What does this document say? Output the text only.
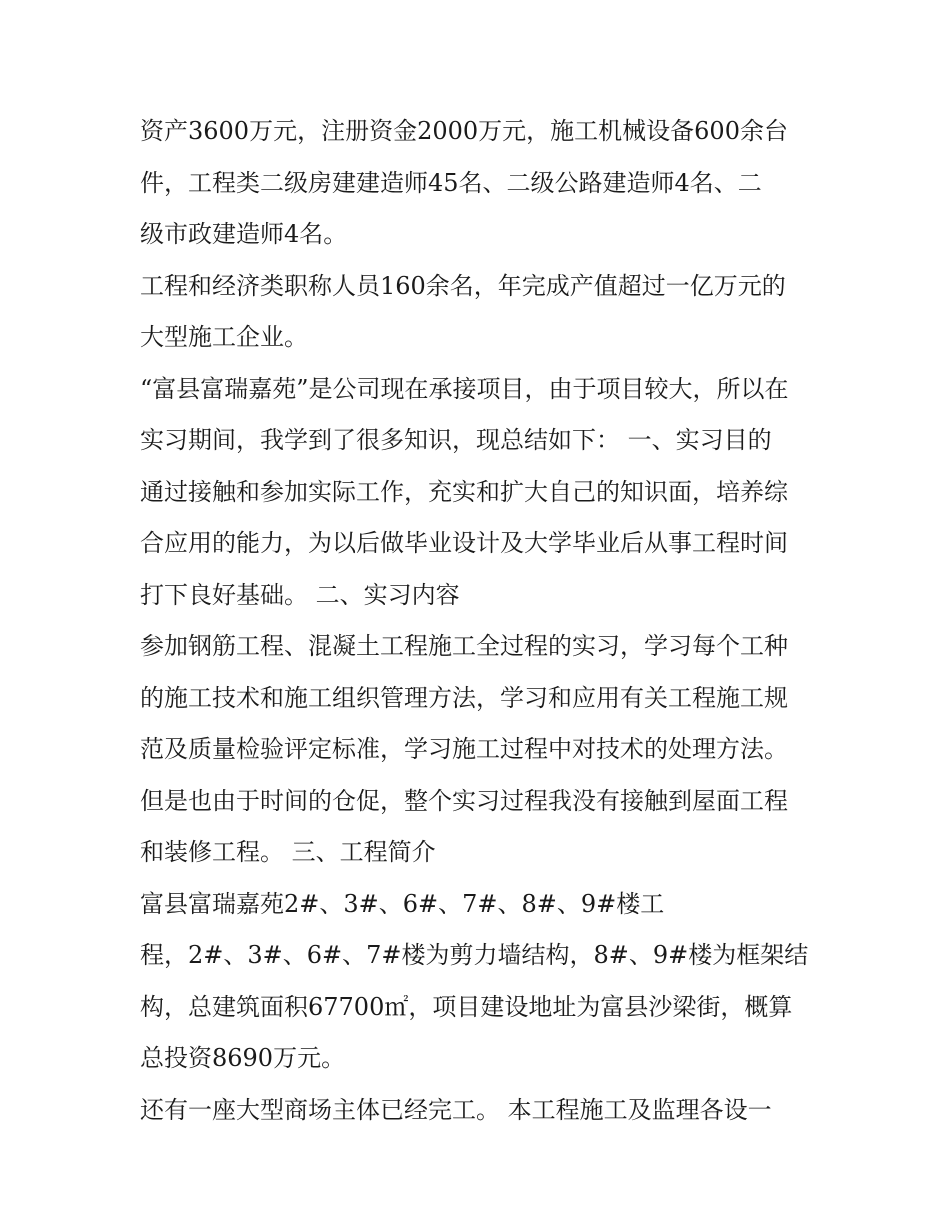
资产3600万元，注册资金2000万元，施工机械设备600余台
件，工程类二级房建建造师45名、二级公路建造师4名、二
级市政建造师4名。
工程和经济类职称人员160余名，年完成产值超过一亿万元的
大型施工企业。
“富县富瑞嘉苑”是公司现在承接项目，由于项目较大，所以在
实习期间，我学到了很多知识，现总结如下： 一、实习目的
通过接触和参加实际工作，充实和扩大自己的知识面，培养综
合应用的能力，为以后做毕业设计及大学毕业后从事工程时间
打下良好基础。 二、实习内容
参加钢筋工程、混凝土工程施工全过程的实习，学习每个工种
的施工技术和施工组织管理方法，学习和应用有关工程施工规
范及质量检验评定标准，学习施工过程中对技术的处理方法。
但是也由于时间的仓促，整个实习过程我没有接触到屋面工程
和装修工程。 三、工程简介
富县富瑞嘉苑2#、3#、6#、7#、8#、9#楼工
程，2#、3#、6#、7#楼为剪力墙结构，8#、9#楼为框架结
构，总建筑面积67700㎡，项目建设地址为富县沙梁街，概算
总投资8690万元。
还有一座大型商场主体已经完工。 本工程施工及监理各设一
